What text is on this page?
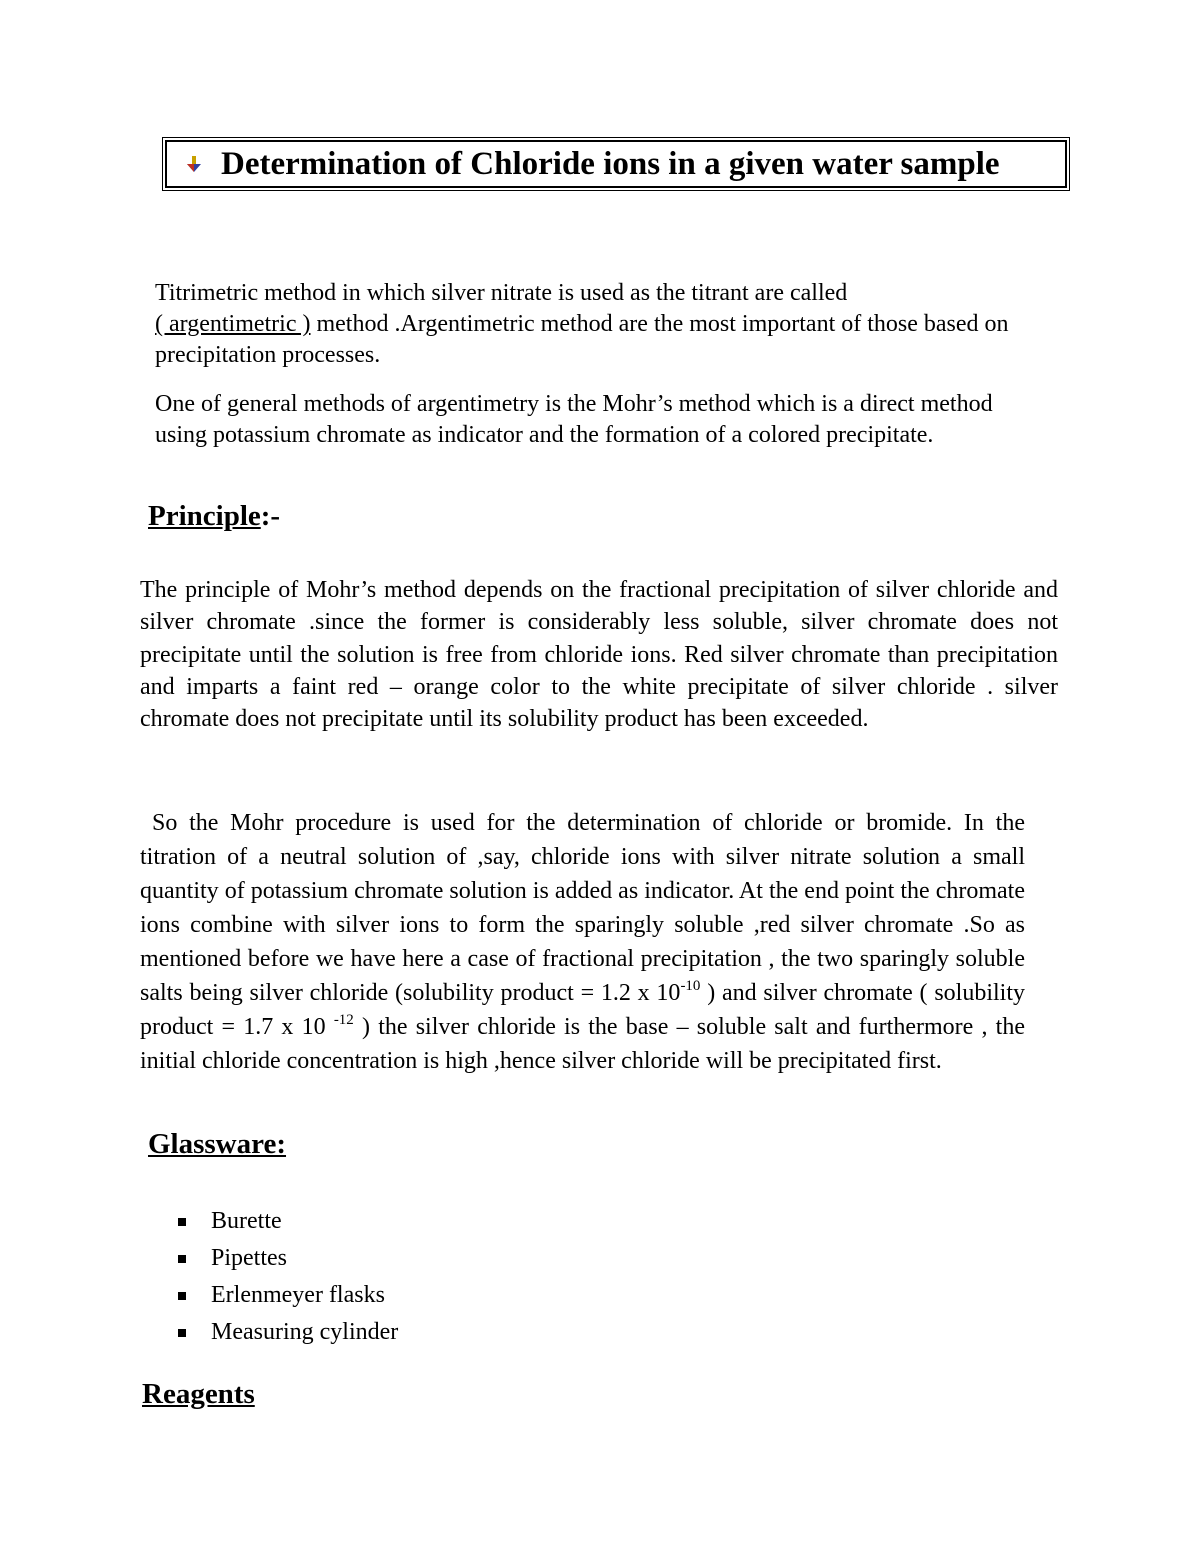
Determination of Chloride ions in a given water sample

Titrimetric method in which silver nitrate is used as the titrant are called
( argentimetric ) method .Argentimetric method are the most important of those based on precipitation processes.

One of general methods of argentimetry is the Mohr’s method which is a direct method using potassium chromate as indicator and the formation of a colored precipitate.

Principle:-

The principle of Mohr’s method depends on the fractional precipitation of silver chloride and silver chromate .since the former is considerably less soluble, silver chromate does not precipitate until the solution is free from chloride ions. Red silver chromate than precipitation and imparts a faint red – orange color to the white precipitate of silver chloride . silver chromate does not precipitate until its solubility product has been exceeded.

So the Mohr procedure is used for the determination of chloride or bromide. In the titration of a neutral solution of ,say, chloride ions with silver nitrate solution a small quantity of potassium chromate solution is added as indicator. At the end point the chromate ions combine with silver ions to form the sparingly soluble ,red silver chromate .So as mentioned before we have here a case of fractional precipitation , the two sparingly soluble salts being silver chloride (solubility product = 1.2 x $10^{-10}$ ) and silver chromate ( solubility product = 1.7 x 10 $^{-12}$ ) the silver chloride is the base – soluble salt and furthermore , the initial chloride concentration is high ,hence silver chloride will be precipitated first.

Glassware:
Burette
Pipettes
Erlenmeyer flasks
Measuring cylinder
Reagents
